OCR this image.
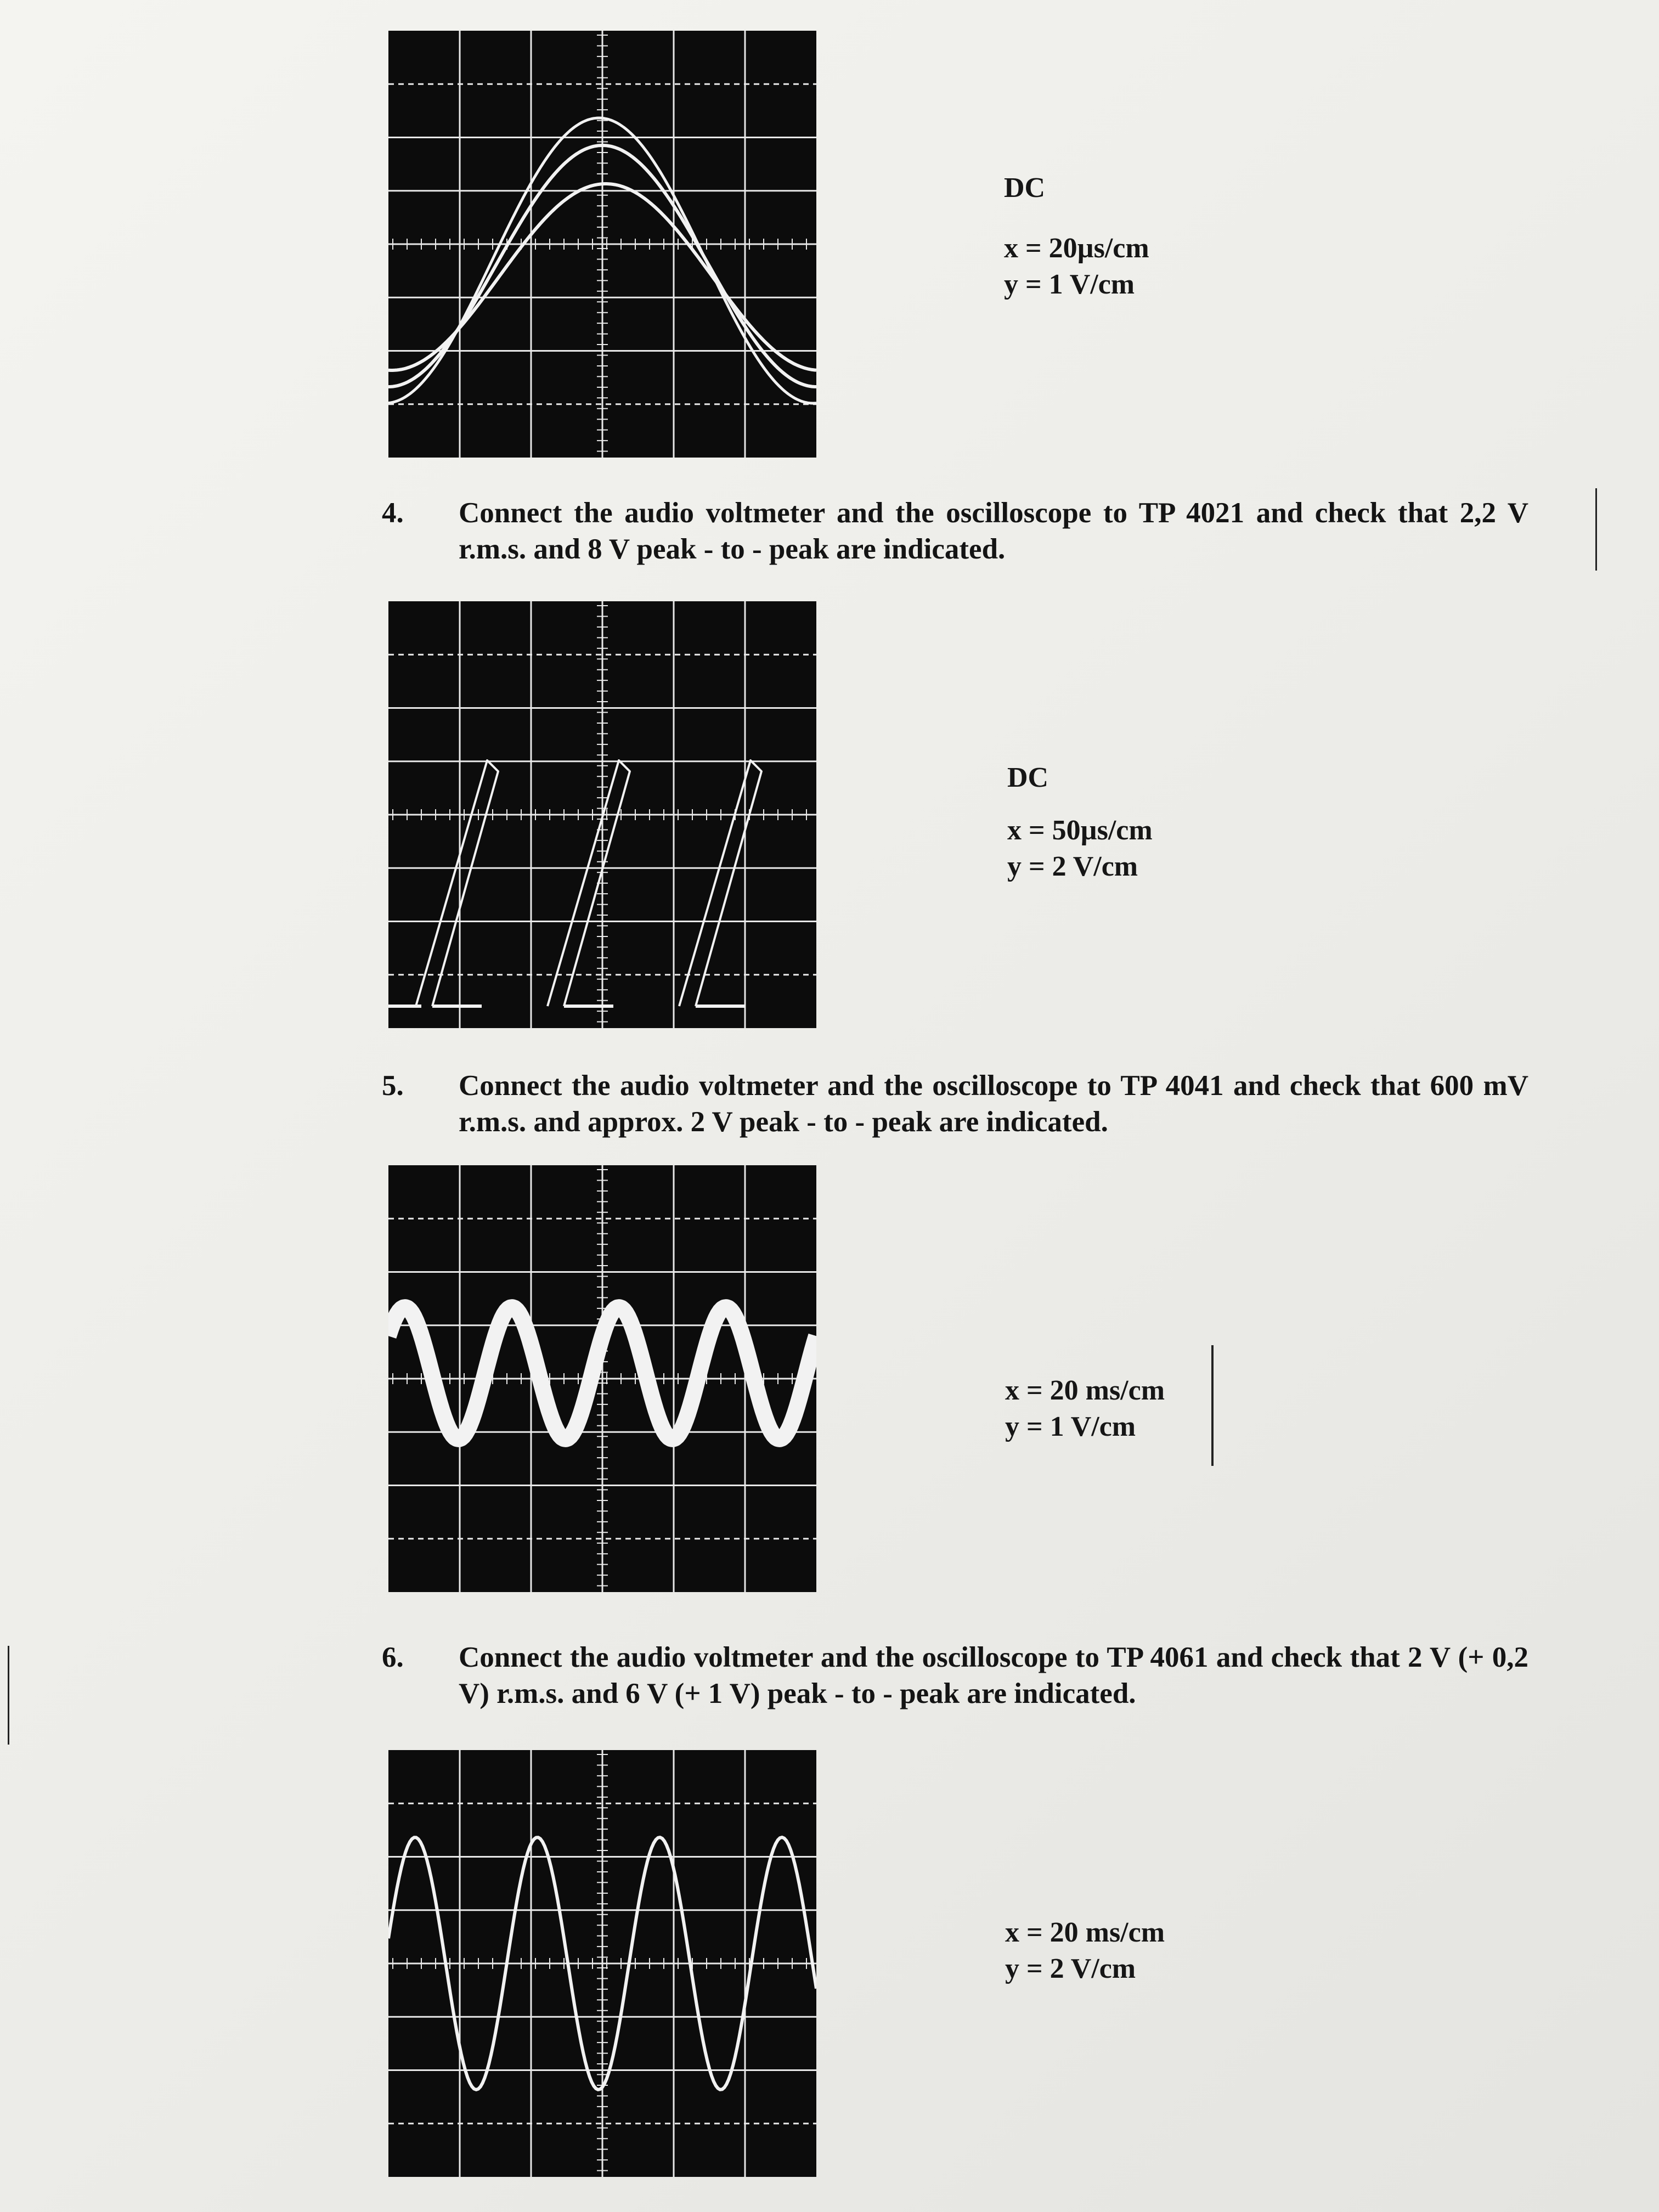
DC
x = 20µs/cm
y = 1 V/cm
4. Connect the audio voltmeter and the oscilloscope to TP 4021 and check that 2,2 V r.m.s. and 8 V peak - to - peak are indicated.
DC
x = 50µs/cm
y = 2 V/cm
5. Connect the audio voltmeter and the oscilloscope to TP 4041 and check that 600 mV r.m.s. and approx. 2 V peak - to - peak are indicated.
x = 20 ms/cm
y = 1 V/cm
6. Connect the audio voltmeter and the oscilloscope to TP 4061 and check that 2 V (+ 0,2 V) r.m.s. and 6 V (+ 1 V) peak - to - peak are indicated.
x = 20 ms/cm
y = 2 V/cm
